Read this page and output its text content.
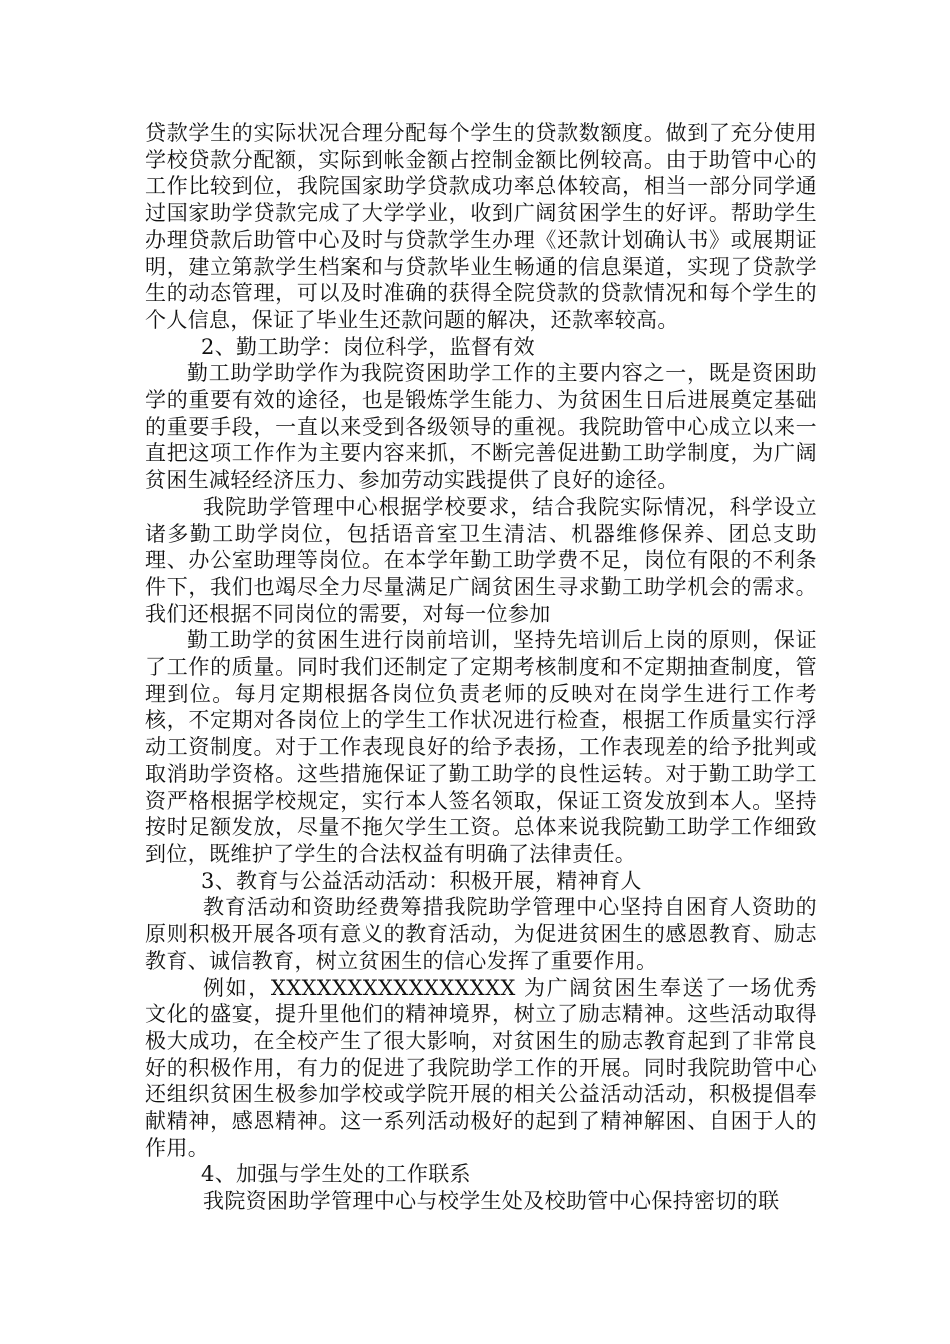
贷款学生的实际状况合理分配每个学生的贷款数额度。做到了充分使用学校贷款分配额，实际到帐金额占控制金额比例较高。由于助管中心的工作比较到位，我院国家助学贷款成功率总体较高，相当一部分同学通过国家助学贷款完成了大学学业，收到广阔贫困学生的好评。帮助学生办理贷款后助管中心及时与贷款学生办理《还款计划确认书》或展期证明，建立第款学生档案和与贷款毕业生畅通的信息渠道，实现了贷款学生的动态管理，可以及时准确的获得全院贷款的贷款情况和每个学生的个人信息，保证了毕业生还款问题的解决，还款率较高。

2、勤工助学：岗位科学，监督有效

勤工助学助学作为我院资困助学工作的主要内容之一，既是资困助学的重要有效的途径，也是锻炼学生能力、为贫困生日后进展奠定基础的重要手段，一直以来受到各级领导的重视。我院助管中心成立以来一直把这项工作作为主要内容来抓，不断完善促进勤工助学制度，为广阔贫困生减轻经济压力、参加劳动实践提供了良好的途径。

我院助学管理中心根据学校要求，结合我院实际情况，科学设立诸多勤工助学岗位，包括语音室卫生清洁、机器维修保养、团总支助理、办公室助理等岗位。在本学年勤工助学费不足，岗位有限的不利条件下，我们也竭尽全力尽量满足广阔贫困生寻求勤工助学机会的需求。我们还根据不同岗位的需要，对每一位参加

勤工助学的贫困生进行岗前培训，坚持先培训后上岗的原则，保证了工作的质量。同时我们还制定了定期考核制度和不定期抽查制度，管理到位。每月定期根据各岗位负责老师的反映对在岗学生进行工作考核，不定期对各岗位上的学生工作状况进行检查，根据工作质量实行浮动工资制度。对于工作表现良好的给予表扬，工作表现差的给予批判或取消助学资格。这些措施保证了勤工助学的良性运转。对于勤工助学工资严格根据学校规定，实行本人签名领取，保证工资发放到本人。坚持按时足额发放，尽量不拖欠学生工资。总体来说我院勤工助学工作细致到位，既维护了学生的合法权益有明确了法律责任。

3、教育与公益活动活动：积极开展，精神育人

教育活动和资助经费筹措我院助学管理中心坚持自困育人资助的原则积极开展各项有意义的教育活动，为促进贫困生的感恩教育、励志教育、诚信教育，树立贫困生的信心发挥了重要作用。

例如，XXXXXXXXXXXXXXXX 为广阔贫困生奉送了一场优秀文化的盛宴，提升里他们的精神境界，树立了励志精神。这些活动取得极大成功，在全校产生了很大影响，对贫困生的励志教育起到了非常良好的积极作用，有力的促进了我院助学工作的开展。同时我院助管中心还组织贫困生极参加学校或学院开展的相关公益活动活动，积极提倡奉献精神，感恩精神。这一系列活动极好的起到了精神解困、自困于人的作用。

4、加强与学生处的工作联系

我院资困助学管理中心与校学生处及校助管中心保持密切的联
